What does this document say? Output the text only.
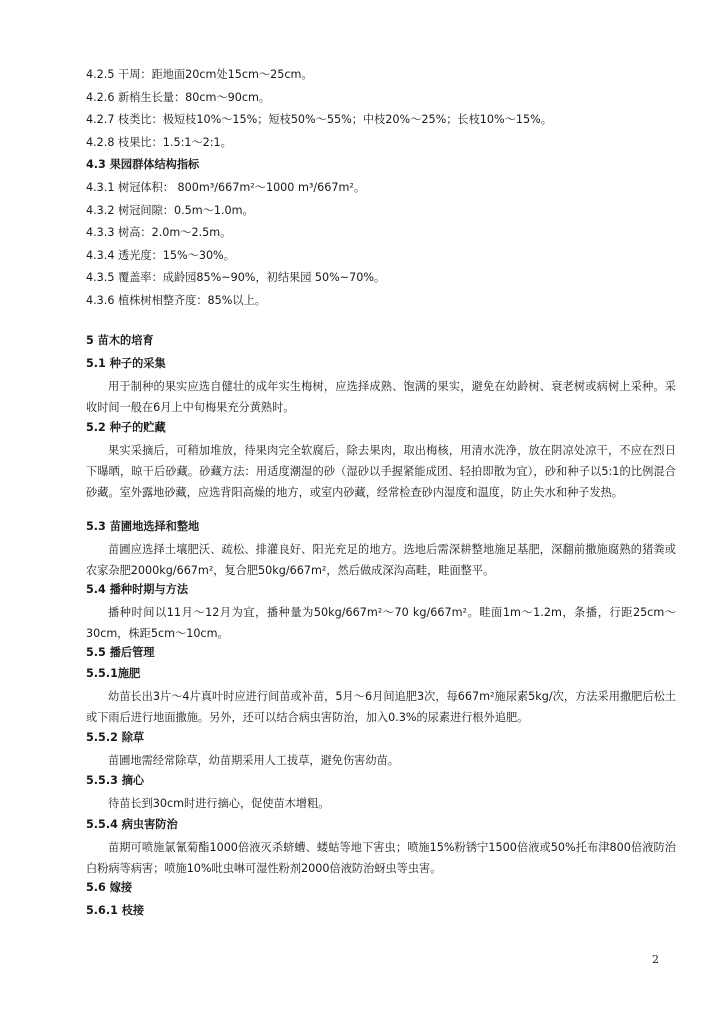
4.2.5 干周：距地面20cm处15cm～25cm。
4.2.6 新梢生长量：80cm～90cm。
4.2.7 枝类比：极短枝10%～15%；短枝50%～55%；中枝20%～25%；长枝10%～15%。
4.2.8 枝果比：1.5:1～2:1。
4.3 果园群体结构指标
4.3.1 树冠体积： 800m³/667m²～1000 m³/667m²。
4.3.2 树冠间隙：0.5m～1.0m。
4.3.3 树高：2.0m～2.5m。
4.3.4 透光度：15%～30%。
4.3.5 覆盖率：成龄园85%~90%，初结果园 50%~70%。
4.3.6 植株树相整齐度：85%以上。
5 苗木的培育
5.1 种子的采集
用于制种的果实应选自健壮的成年实生梅树，应选择成熟、饱满的果实，避免在幼龄树、衰老树或病树上采种。采收时间一般在6月上中旬梅果充分黄熟时。
5.2 种子的贮藏
果实采摘后，可稍加堆放，待果肉完全软腐后，除去果肉，取出梅核，用清水洗净，放在阴凉处凉干，不应在烈日下曝晒，晾干后砂藏。砂藏方法：用适度潮湿的砂（湿砂以手握紧能成团、轻拍即散为宜），砂和种子以5:1的比例混合砂藏。室外露地砂藏，应选背阳高燥的地方，或室内砂藏，经常检查砂内湿度和温度，防止失水和种子发热。
5.3 苗圃地选择和整地
苗圃应选择土壤肥沃、疏松、排灌良好、阳光充足的地方。选地后需深耕整地施足基肥，深翻前撒施腐熟的猪粪或农家杂肥2000kg/667m²，复合肥50kg/667m²，然后做成深沟高畦，畦面整平。
5.4 播种时期与方法
播种时间以11月～12月为宜，播种量为50kg/667m²～70 kg/667m²。畦面1m～1.2m，条播，行距25cm～30cm，株距5cm～10cm。
5.5 播后管理
5.5.1施肥
幼苗长出3片～4片真叶时应进行间苗或补苗，5月～6月间追肥3次，每667m²施尿素5kg/次，方法采用撒肥后松土或下雨后进行地面撒施。另外，还可以结合病虫害防治，加入0.3%的尿素进行根外追肥。
5.5.2 除草
苗圃地需经常除草，幼苗期采用人工拔草，避免伤害幼苗。
5.5.3 摘心
待苗长到30cm时进行摘心，促使苗木增粗。
5.5.4 病虫害防治
苗期可喷施氯氰菊酯1000倍液灭杀蛴螬、蝼蛄等地下害虫；喷施15%粉锈宁1500倍液或50%托布津800倍液防治白粉病等病害；喷施10%吡虫啉可湿性粉剂2000倍液防治蚜虫等虫害。
5.6 嫁接
5.6.1 枝接
2
